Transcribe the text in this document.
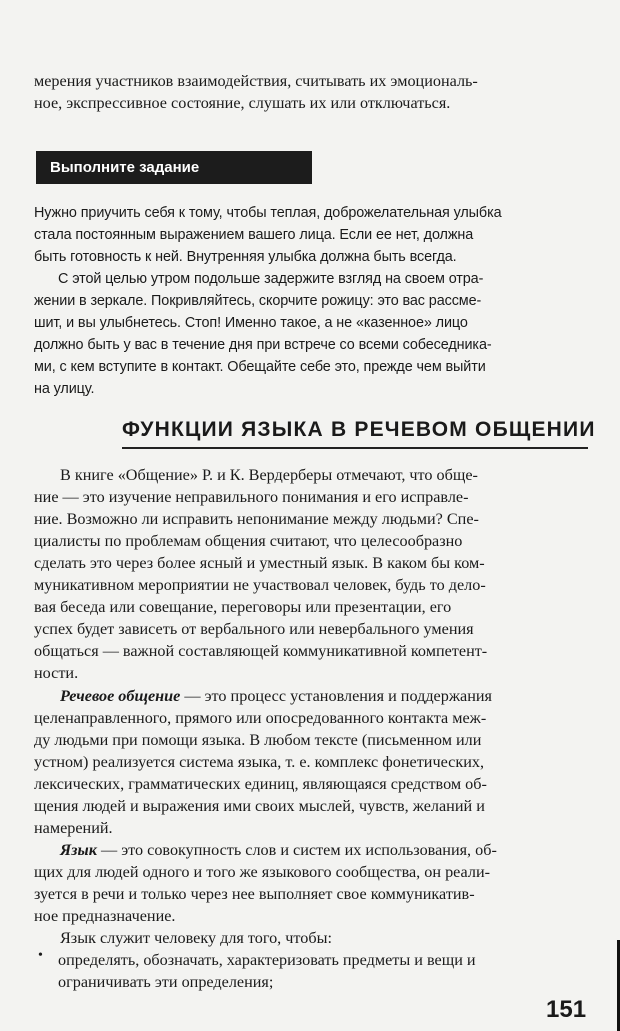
мерения участников взаимодействия, считывать их эмоциональ-
ное, экспрессивное состояние, слушать их или отключаться.
Выполните задание
Нужно приучить себя к тому, чтобы теплая, доброжелательная улыбка
стала постоянным выражением вашего лица. Если ее нет, должна
быть готовность к ней. Внутренняя улыбка должна быть всегда.
С этой целью утром подольше задержите взгляд на своем отра-
жении в зеркале. Покривляйтесь, скорчите рожицу: это вас рассме-
шит, и вы улыбнетесь. Стоп! Именно такое, а не «казенное» лицо
должно быть у вас в течение дня при встрече со всеми собеседника-
ми, с кем вступите в контакт. Обещайте себе это, прежде чем выйти
на улицу.
ФУНКЦИИ ЯЗЫКА В РЕЧЕВОМ ОБЩЕНИИ
В книге «Общение» Р. и К. Вердерберы отмечают, что обще-
ние — это изучение неправильного понимания и его исправле-
ние. Возможно ли исправить непонимание между людьми? Спе-
циалисты по проблемам общения считают, что целесообразно
сделать это через более ясный и уместный язык. В каком бы ком-
муникативном мероприятии не участвовал человек, будь то дело-
вая беседа или совещание, переговоры или презентации, его
успех будет зависеть от вербального или невербального умения
общаться — важной составляющей коммуникативной компетент-
ности.
Речевое общение — это процесс установления и поддержания
целенаправленного, прямого или опосредованного контакта меж-
ду людьми при помощи языка. В любом тексте (письменном или
устном) реализуется система языка, т. е. комплекс фонетических,
лексических, грамматических единиц, являющаяся средством об-
щения людей и выражения ими своих мыслей, чувств, желаний и
намерений.
Язык — это совокупность слов и систем их использования, об-
щих для людей одного и того же языкового сообщества, он реали-
зуется в речи и только через нее выполняет свое коммуникатив-
ное предназначение.
Язык служит человеку для того, чтобы:
• определять, обозначать, характеризовать предметы и вещи и
ограничивать эти определения;
151
